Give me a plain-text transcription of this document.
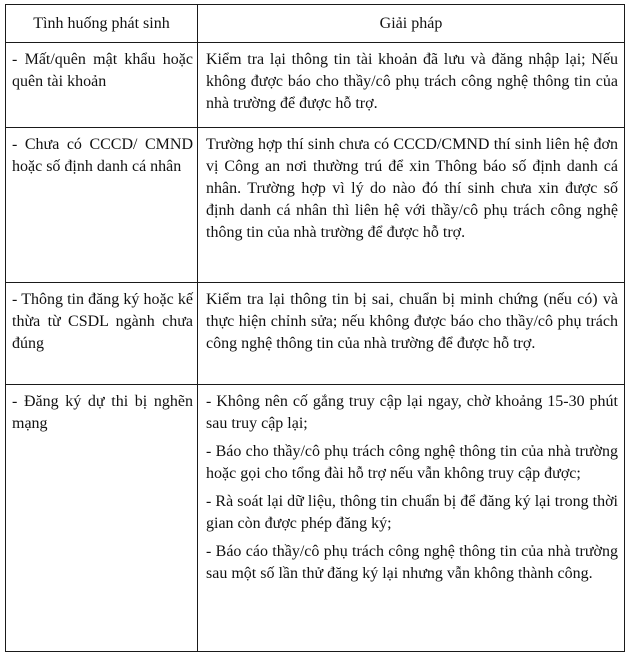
Tình huống phát sinh	Giải pháp
- Mất/quên mật khẩu hoặc quên tài khoản	Kiểm tra lại thông tin tài khoản đã lưu và đăng nhập lại; Nếu không được báo cho thầy/cô phụ trách công nghệ thông tin của nhà trường để được hỗ trợ.

- Chưa có CCCD/ CMND hoặc số định danh cá nhân	Trường hợp thí sinh chưa có CCCD/CMND thí sinh liên hệ đơn vị Công an nơi thường trú để xin Thông báo số định danh cá nhân. Trường hợp vì lý do nào đó thí sinh chưa xin được số định danh cá nhân thì liên hệ với thầy/cô phụ trách công nghệ thông tin của nhà trường để được hỗ trợ.

- Thông tin đăng ký hoặc kế thừa từ CSDL ngành chưa đúng	Kiểm tra lại thông tin bị sai, chuẩn bị minh chứng (nếu có) và thực hiện chỉnh sửa; nếu không được báo cho thầy/cô phụ trách công nghệ thông tin của nhà trường để được hỗ trợ.

- Đăng ký dự thi bị nghẽn mạng	- Không nên cố gắng truy cập lại ngay, chờ khoảng 15-30 phút sau truy cập lại;
- Báo cho thầy/cô phụ trách công nghệ thông tin của nhà trường hoặc gọi cho tổng đài hỗ trợ nếu vẫn không truy cập được;
- Rà soát lại dữ liệu, thông tin chuẩn bị để đăng ký lại trong thời gian còn được phép đăng ký;
- Báo cáo thầy/cô phụ trách công nghệ thông tin của nhà trường sau một số lần thử đăng ký lại nhưng vẫn không thành công.
